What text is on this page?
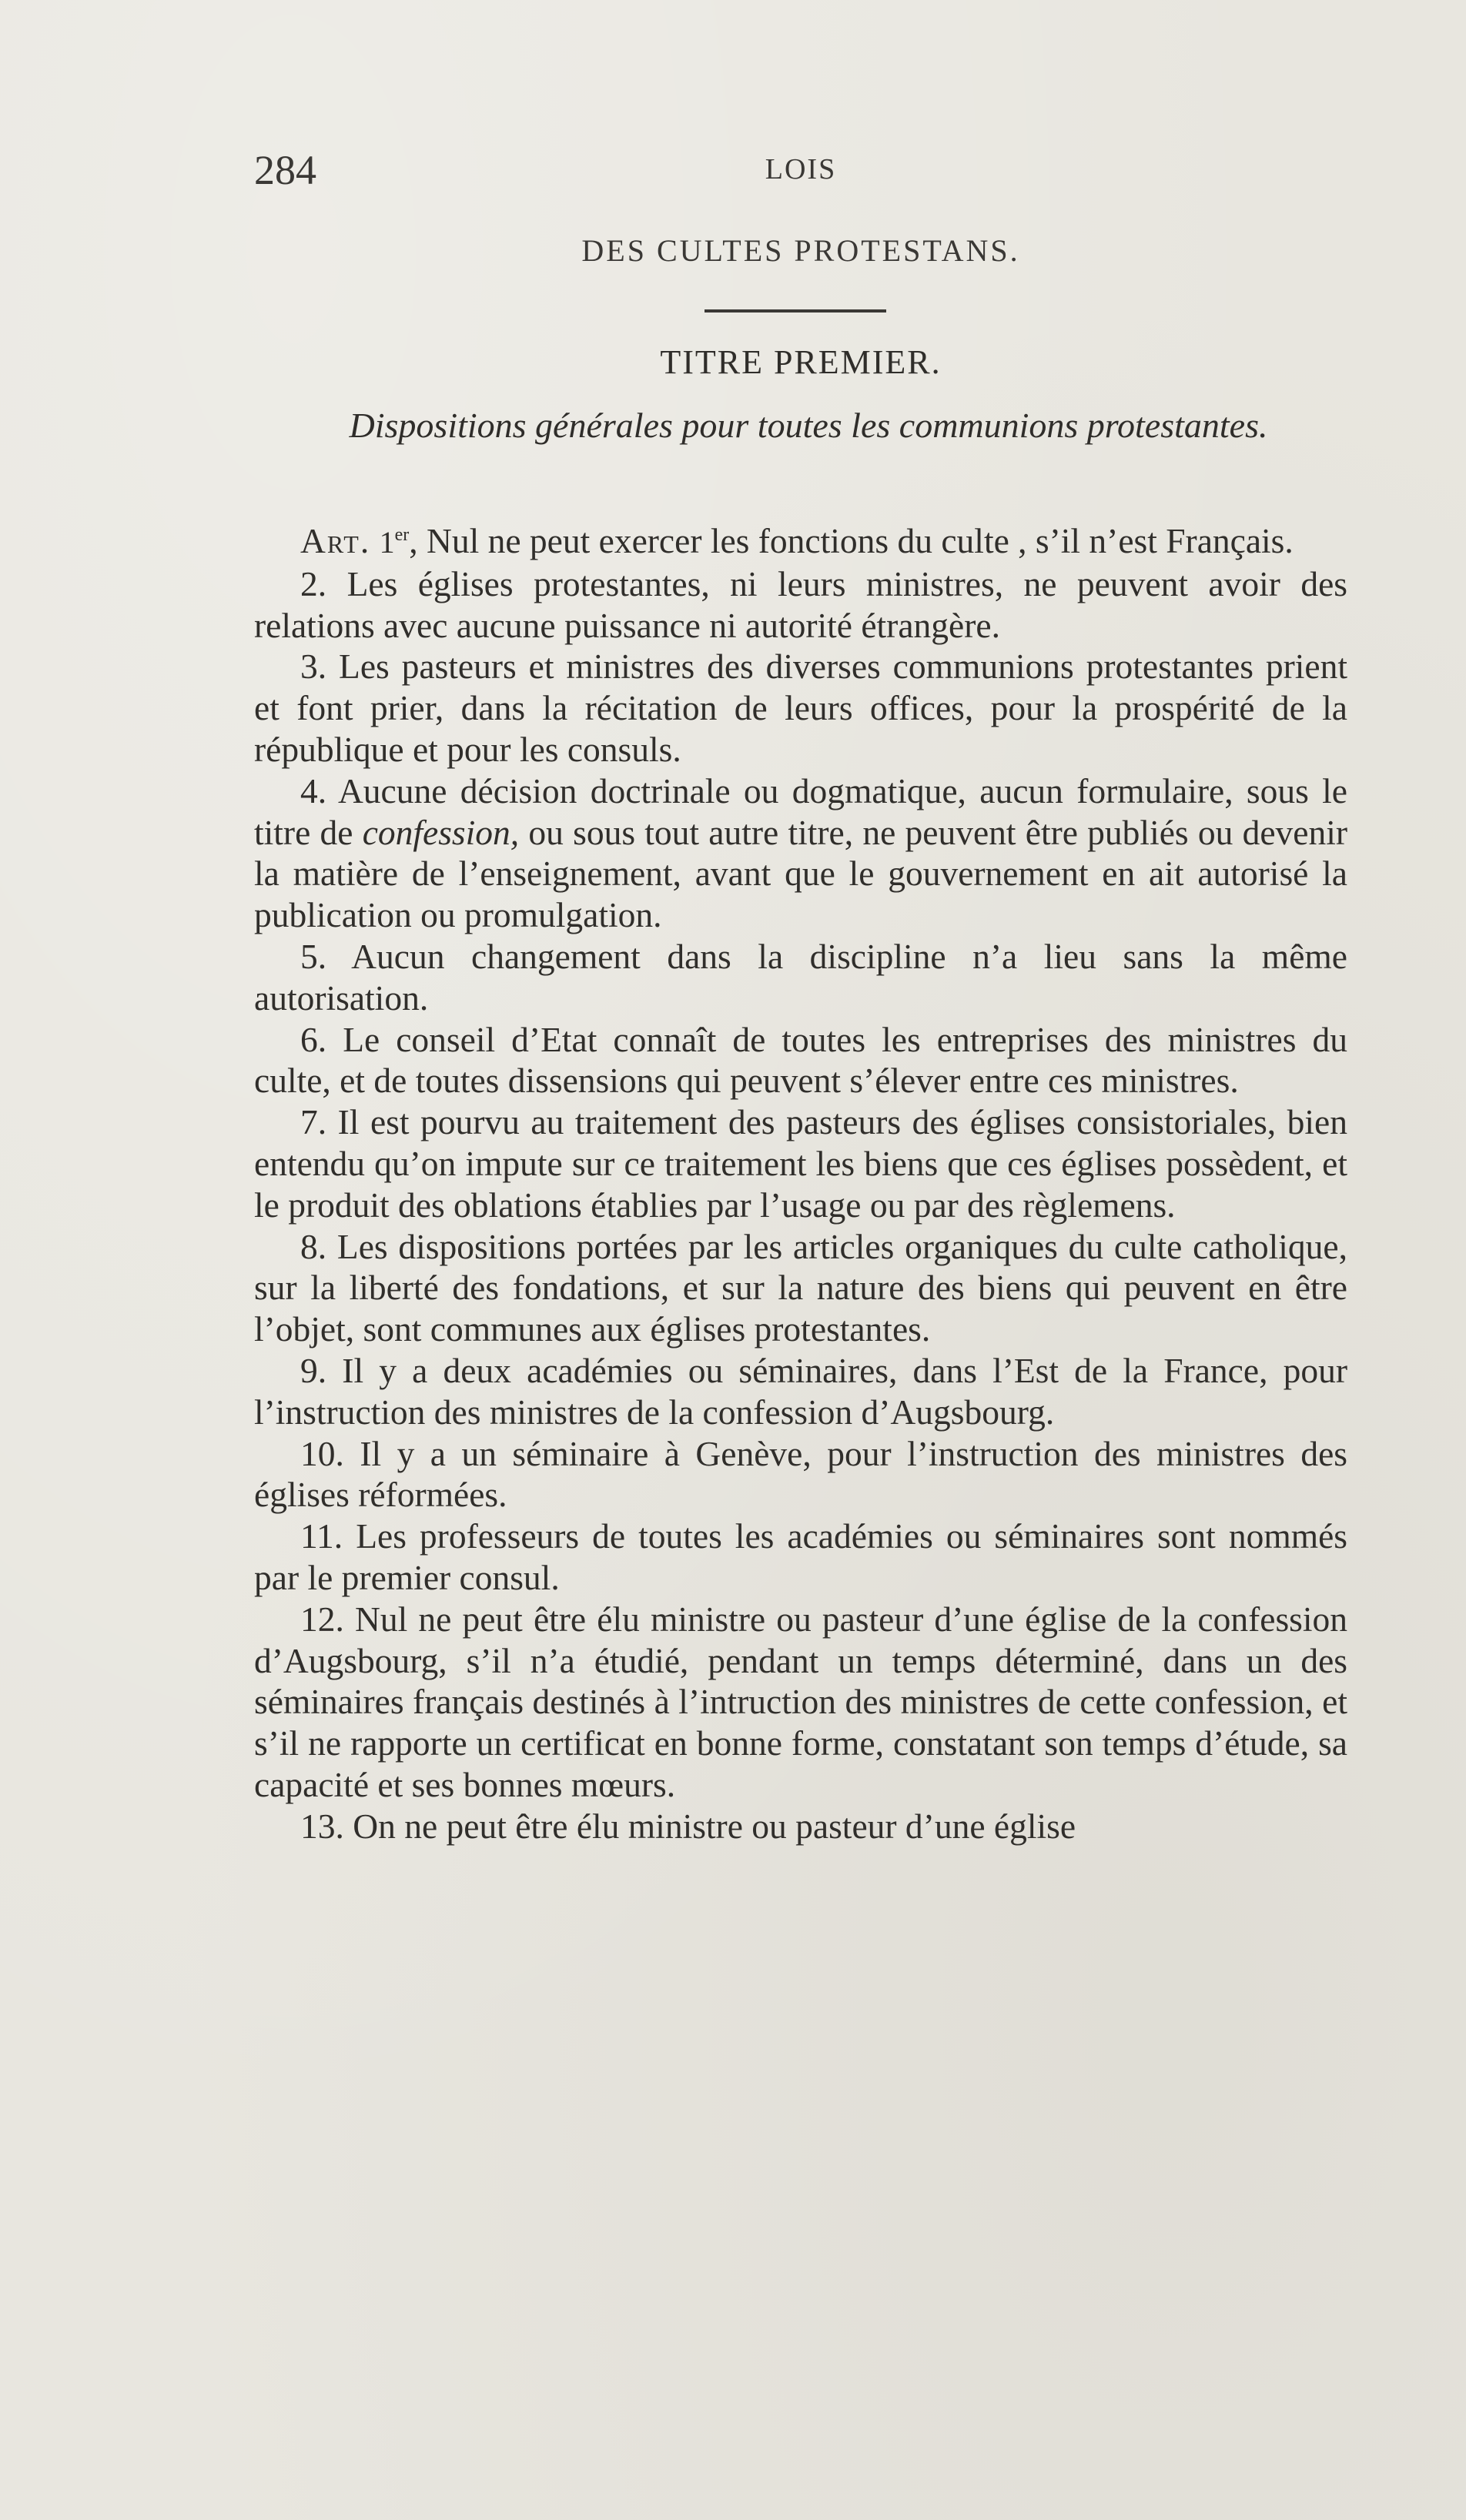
284	LOIS
DES CULTES PROTESTANS.
TITRE PREMIER.
Dispositions générales pour toutes les communions protestantes.

Art. 1er, Nul ne peut exercer les fonctions du culte , s’il n’est Français.

2. Les églises protestantes, ni leurs ministres, ne peuvent avoir des relations avec aucune puissance ni autorité étrangère.

3. Les pasteurs et ministres des diverses communions protestantes prient et font prier, dans la récitation de leurs offices, pour la prospérité de la république et pour les consuls.

4. Aucune décision doctrinale ou dogmatique, aucun formulaire, sous le titre de confession, ou sous tout autre titre, ne peuvent être publiés ou devenir la matière de l’enseignement, avant que le gouvernement en ait autorisé la publication ou promulgation.

5. Aucun changement dans la discipline n’a lieu sans la même autorisation.

6. Le conseil d’Etat connaît de toutes les entreprises des ministres du culte, et de toutes dissensions qui peuvent s’élever entre ces ministres.

7. Il est pourvu au traitement des pasteurs des églises consistoriales, bien entendu qu’on impute sur ce traitement les biens que ces églises possèdent, et le produit des oblations établies par l’usage ou par des règlemens.

8. Les dispositions portées par les articles organiques du culte catholique, sur la liberté des fondations, et sur la nature des biens qui peuvent en être l’objet, sont communes aux églises protestantes.

9. Il y a deux académies ou séminaires, dans l’Est de la France, pour l’instruction des ministres de la confession d’Augsbourg.

10. Il y a un séminaire à Genève, pour l’instruction des ministres des églises réformées.

11. Les professeurs de toutes les académies ou séminaires sont nommés par le premier consul.

12. Nul ne peut être élu ministre ou pasteur d’une église de la confession d’Augsbourg, s’il n’a étudié, pendant un temps déterminé, dans un des séminaires français destinés à l’intruction des ministres de cette confession, et s’il ne rapporte un certificat en bonne forme, constatant son temps d’étude, sa capacité et ses bonnes mœurs.

13. On ne peut être élu ministre ou pasteur d’une église
